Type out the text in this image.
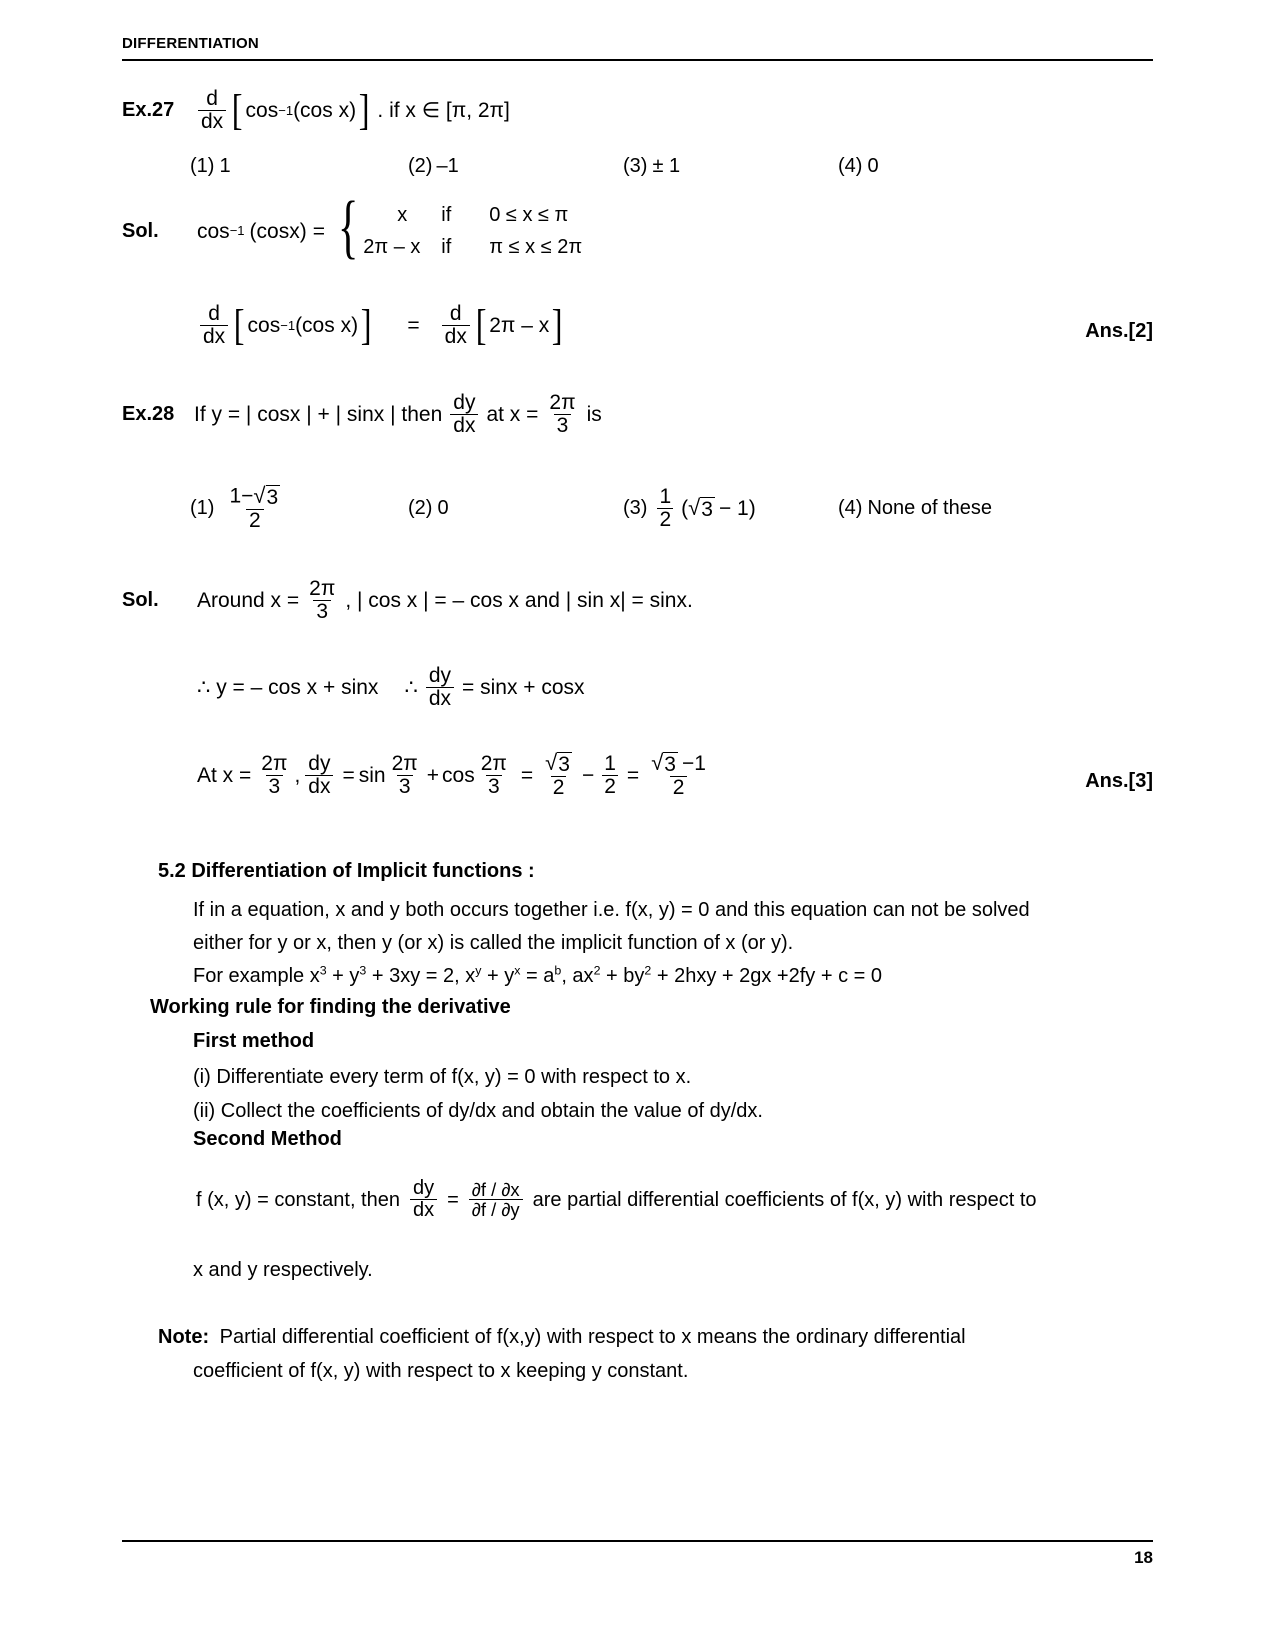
DIFFERENTIATION
Ex.27	$\frac{d}{dx}$ [ cos −1 (cos x) ] . if x ∈ [π, 2π]
(1) 1	(2) –1	(3) ± 1	(4) 0
Sol.	cos −1 (cosx) = {	x	if	0 ≤ x ≤ π
2π – x	if	π ≤ x ≤ 2π
$\frac{d}{dx}$ [ cos −1 (cos x) ] = $\frac{d}{dx}$ [ 2π – x ]	Ans.[2]
Ex.28 If y = | cosx | + | sinx | then $\frac{dy}{dx}$ at $x = \frac{2\pi}{3}$ is
$(1) \frac{1- √ 3}{2}$	(2) 0	$(3) \frac{1}{2}$ ( √ 3 − 1)	(4) None of these
Sol.	Around $x = \frac{2\pi}{3}$ , | cos x | = – cos x and | sin x| = sinx.
∴ y = – cos x + sinx ∴ $\frac{dy}{dx} = \sin x + \cos x$
At $x = \frac{2\pi}{3}$ , $\frac{dy}{dx} = \sin \frac{2\pi}{3} + \cos \frac{2\pi}{3} = \frac{√ 3}{2} - \frac{1}{2} = \frac{√ 3 -1}{2}$	Ans.[3]
5.2 Differentiation of Implicit functions :
If in a equation, x and y both occurs together i.e. f(x, y) = 0 and this equation can not be solved
either for y or x, then y (or x) is called the implicit function of x (or y).
For example $x^3 + y^3 + 3xy = 2$, $x^y + y^x = a^b$, $ax^2 + by^2 + 2hxy + 2gx +2fy + c = 0$
Working rule for finding the derivative
First method
(i) Differentiate every term of f(x, y) = 0 with respect to x.
(ii) Collect the coefficients of dy/dx and obtain the value of dy/dx.
Second Method
f (x, y) = constant, then $\frac{dy}{dx} = \frac{\partial f / \partial x}{\partial f / \partial y}$ are partial differential coefficients of f(x, y) with respect to
x and y respectively.
Note: Partial differential coefficient of f(x,y) with respect to x means the ordinary differential
coefficient of f(x, y) with respect to x keeping y constant.
18
